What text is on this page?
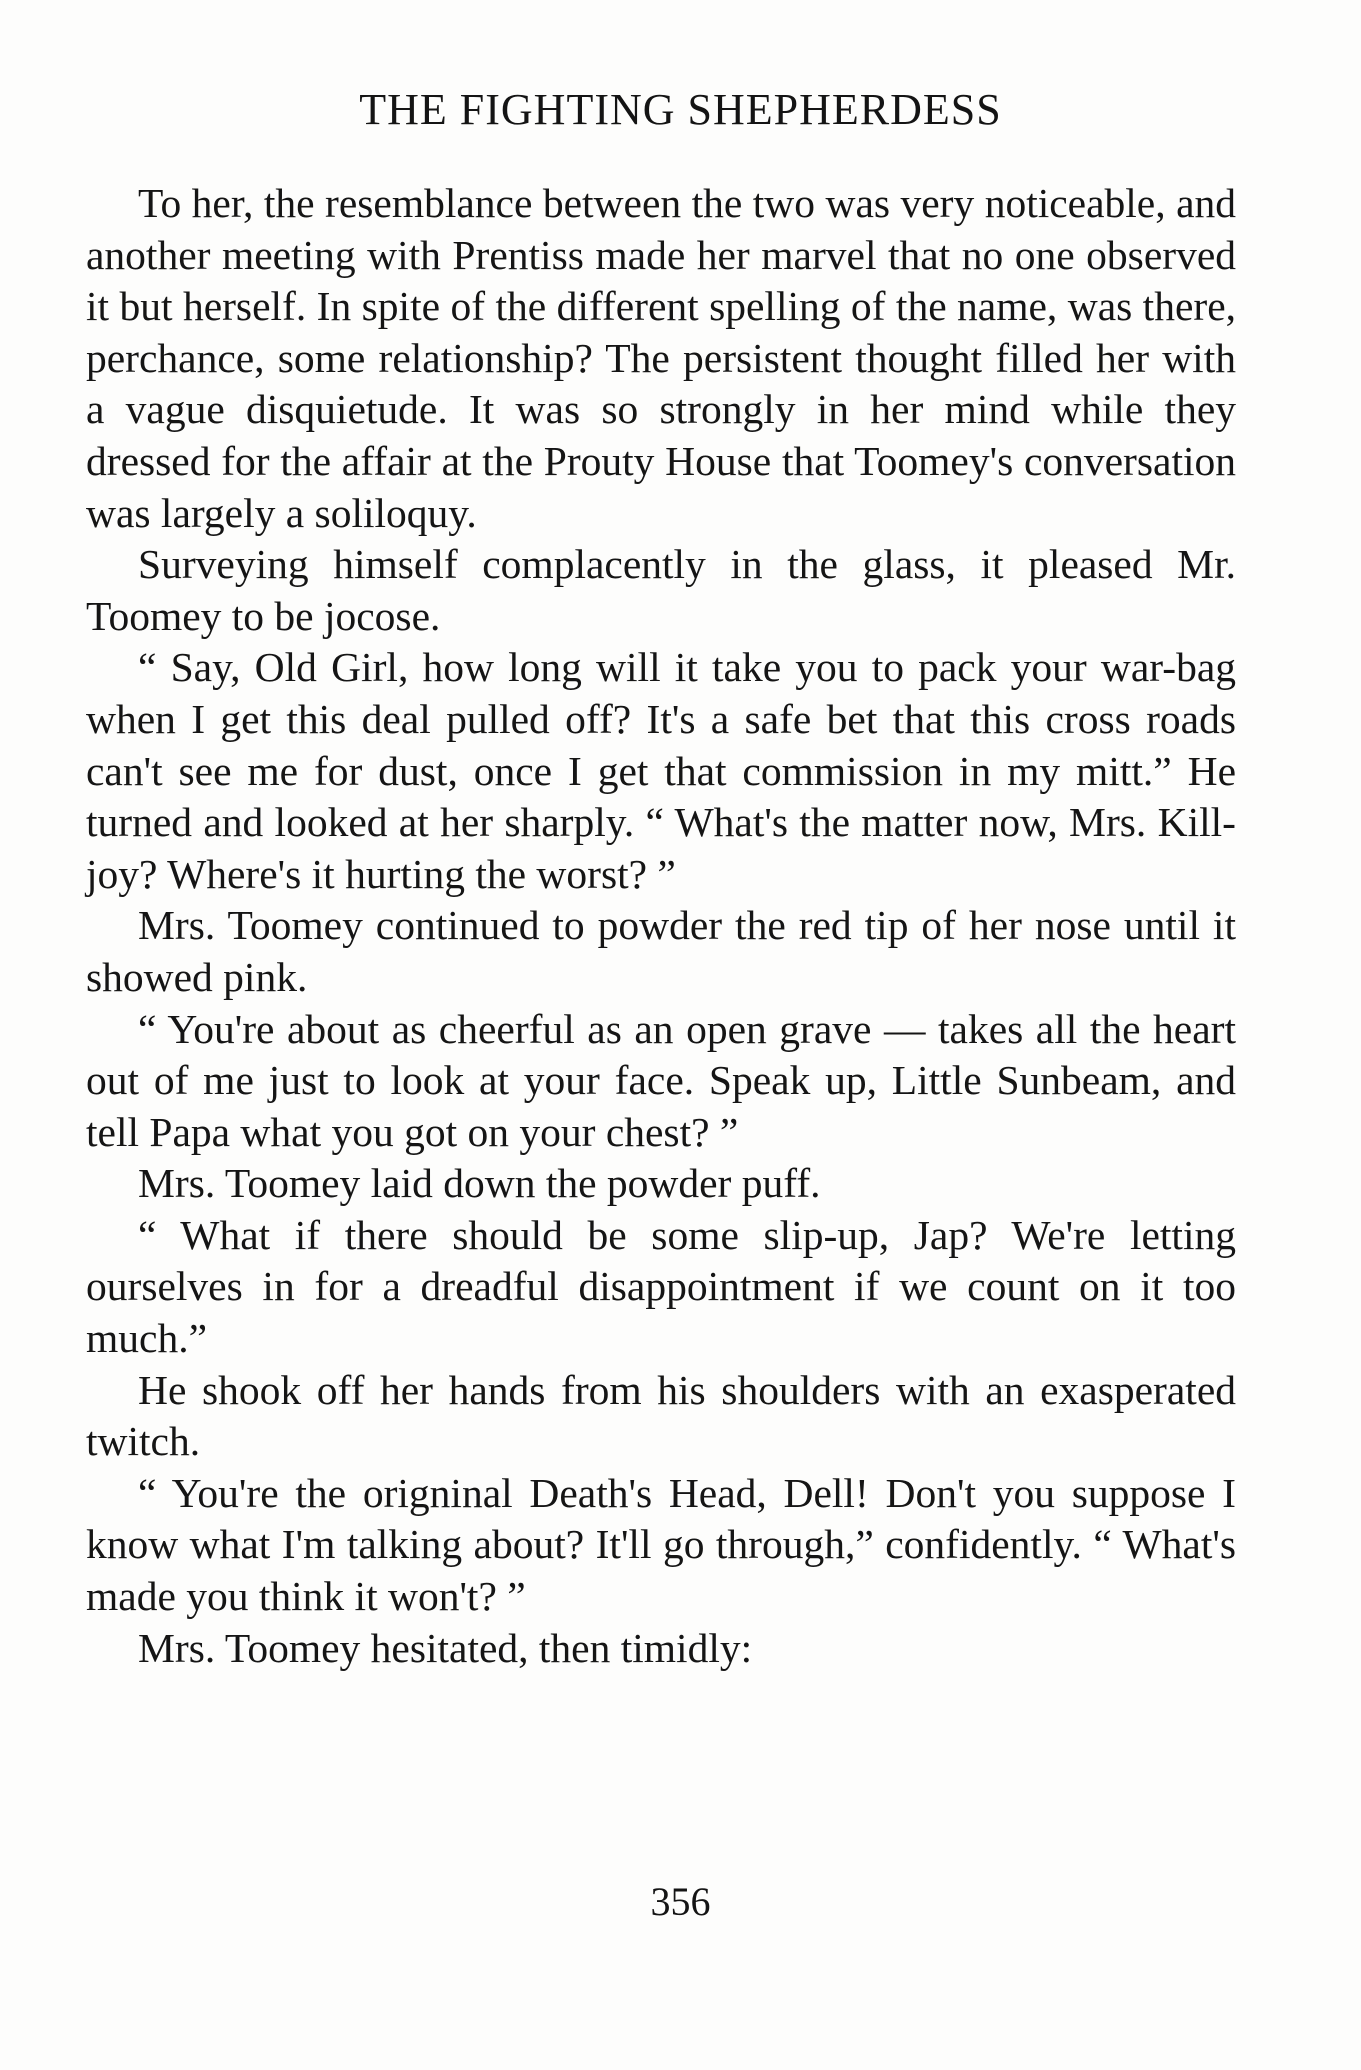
THE FIGHTING SHEPHERDESS

To her, the resemblance between the two was very noticeable, and another meeting with Prentiss made her marvel that no one observed it but herself. In spite of the different spelling of the name, was there, perchance, some relationship? The persistent thought filled her with a vague disquietude. It was so strongly in her mind while they dressed for the affair at the Prouty House that Toomey's conversation was largely a soliloquy.

Surveying himself complacently in the glass, it pleased Mr. Toomey to be jocose.

“ Say, Old Girl, how long will it take you to pack your war-bag when I get this deal pulled off? It's a safe bet that this cross roads can't see me for dust, once I get that commission in my mitt.” He turned and looked at her sharply. “ What's the matter now, Mrs. Kill-joy? Where's it hurting the worst? ”

Mrs. Toomey continued to powder the red tip of her nose until it showed pink.

“ You're about as cheerful as an open grave — takes all the heart out of me just to look at your face. Speak up, Little Sunbeam, and tell Papa what you got on your chest? ”

Mrs. Toomey laid down the powder puff.

“ What if there should be some slip-up, Jap? We're letting ourselves in for a dreadful disappointment if we count on it too much.”

He shook off her hands from his shoulders with an exasperated twitch.

“ You're the origninal Death's Head, Dell! Don't you suppose I know what I'm talking about? It'll go through,” confidently. “ What's made you think it won't? ”

Mrs. Toomey hesitated, then timidly:

356
